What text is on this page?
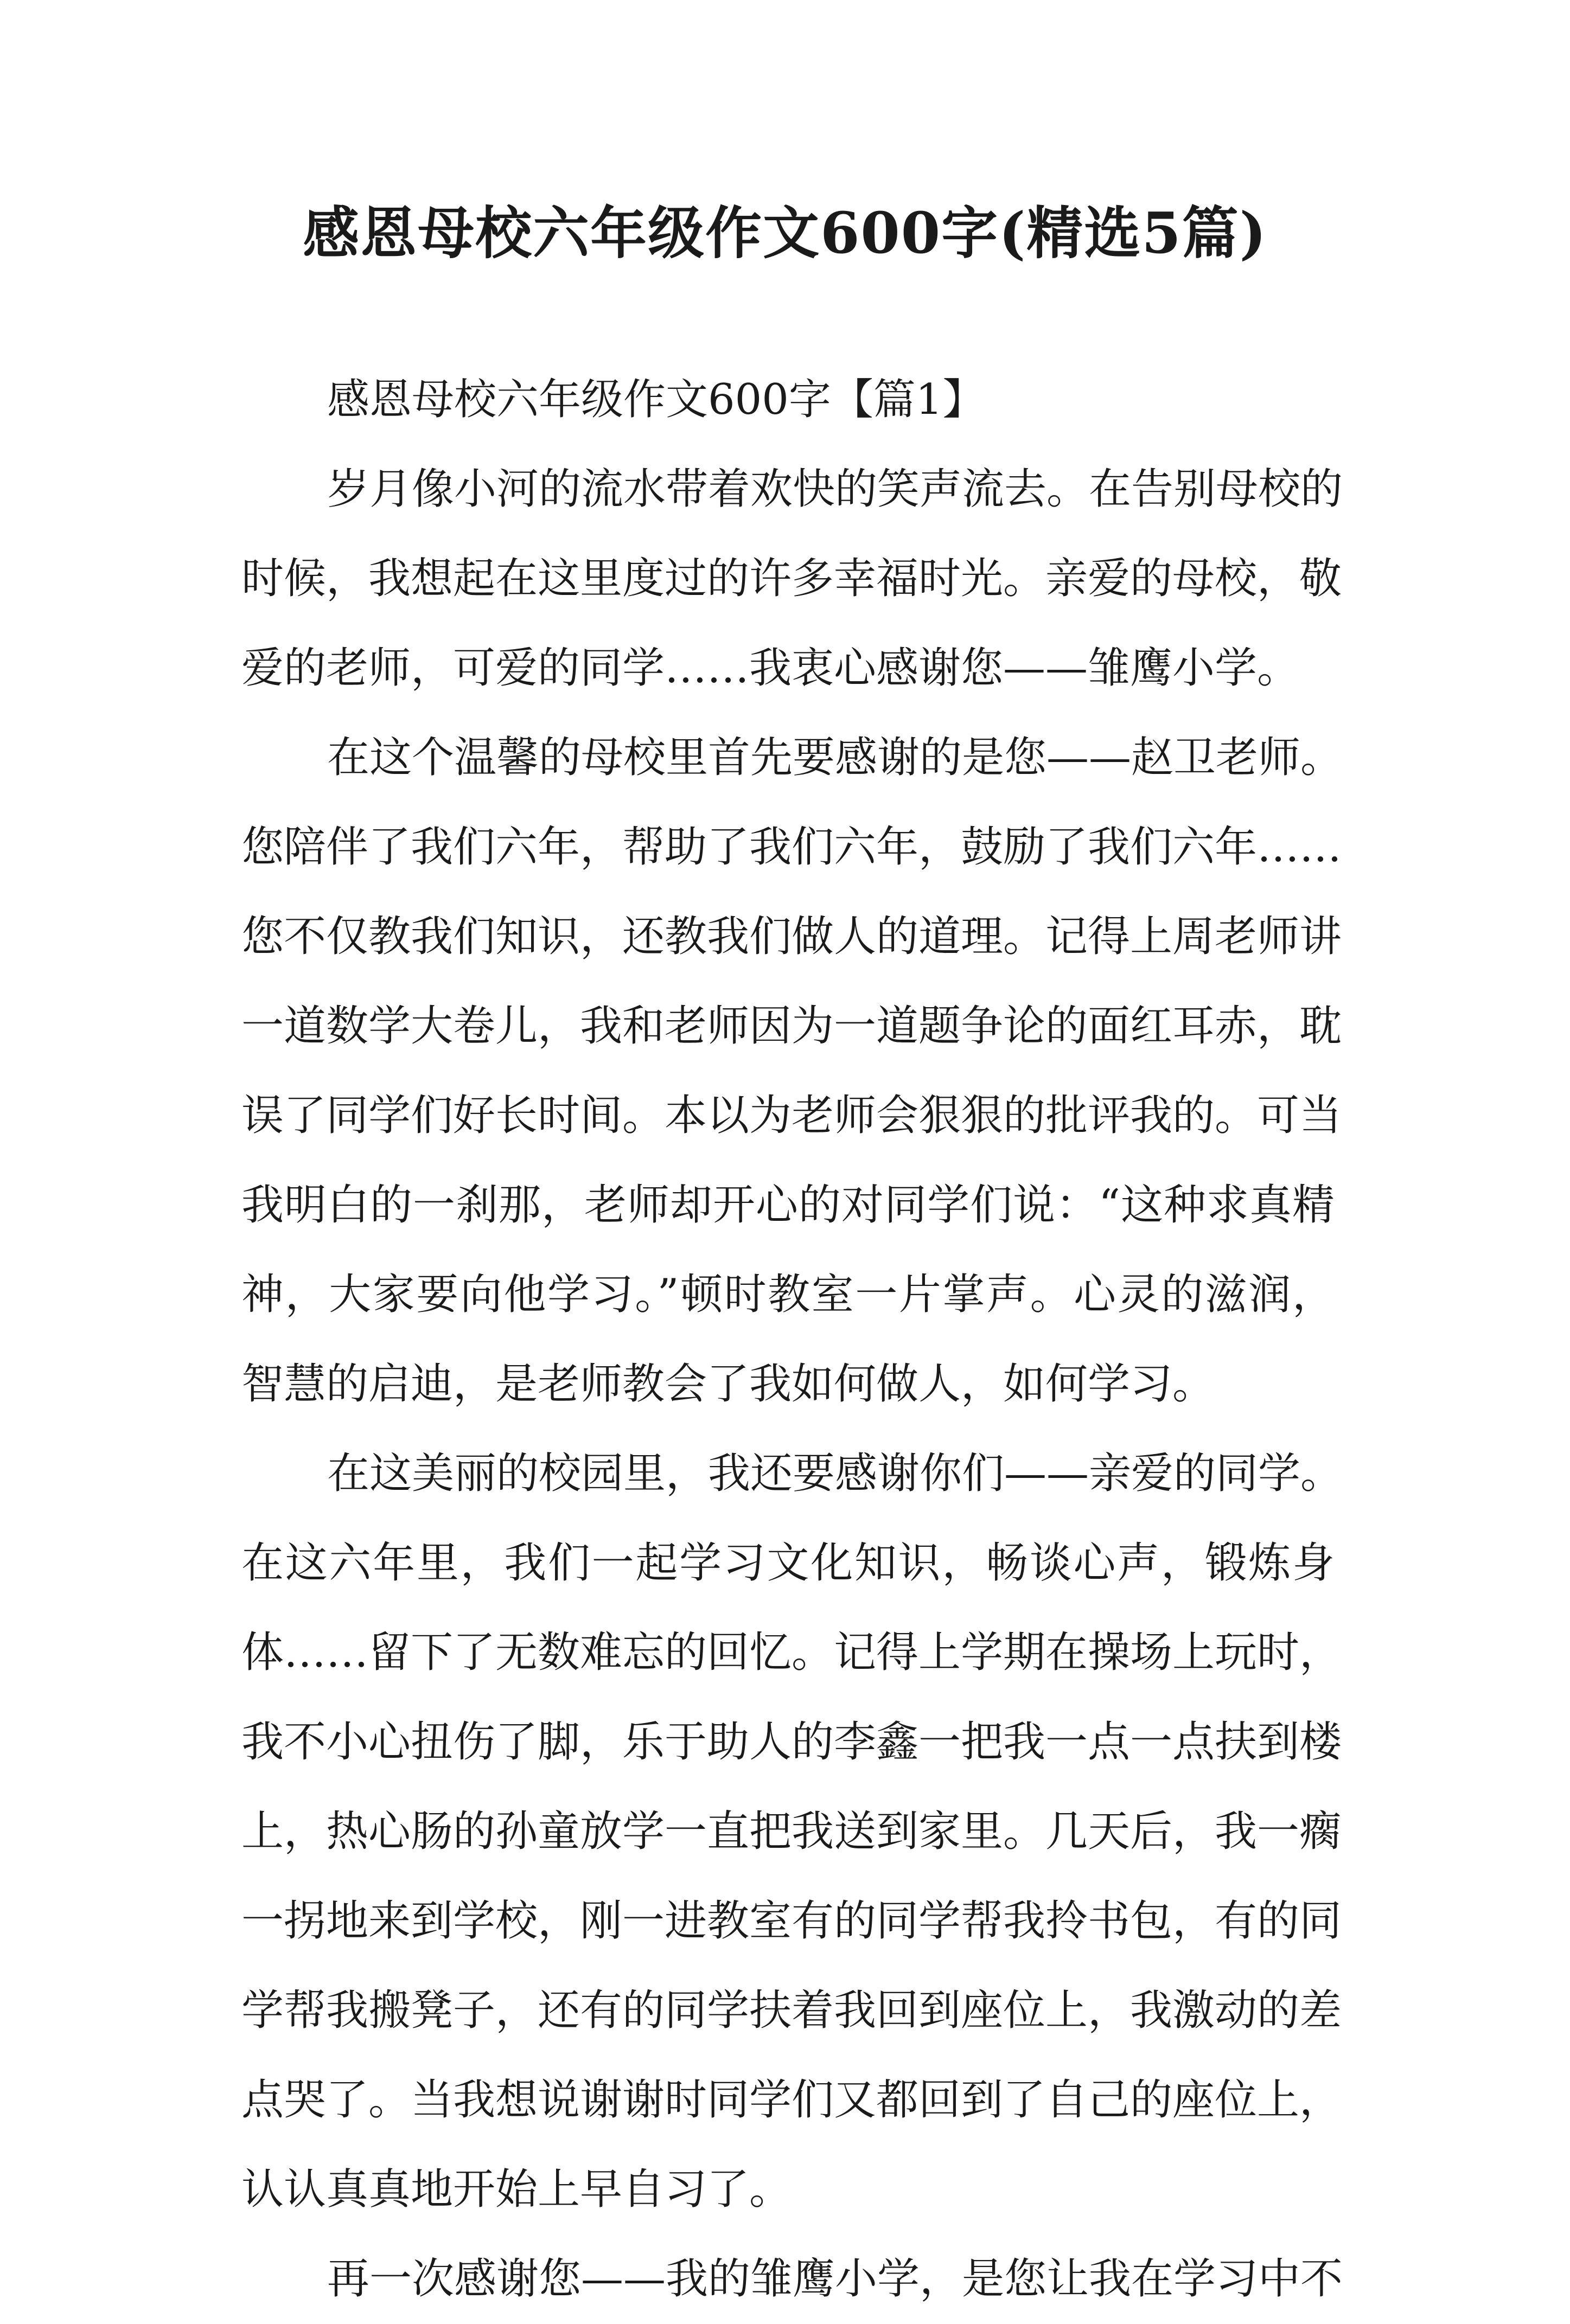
感恩母校六年级作文600字(精选5篇)
感恩母校六年级作文600字【篇1】
岁月像小河的流水带着欢快的笑声流去。在告别母校的
时候，我想起在这里度过的许多幸福时光。亲爱的母校，敬
爱的老师，可爱的同学……我衷心感谢您——雏鹰小学。
在这个温馨的母校里首先要感谢的是您——赵卫老师。
您陪伴了我们六年，帮助了我们六年，鼓励了我们六年……
您不仅教我们知识，还教我们做人的道理。记得上周老师讲
一道数学大卷儿，我和老师因为一道题争论的面红耳赤，耽
误了同学们好长时间。本以为老师会狠狠的批评我的。可当
我明白的一刹那，老师却开心的对同学们说：“这种求真精
神，大家要向他学习。”顿时教室一片掌声。心灵的滋润，
智慧的启迪，是老师教会了我如何做人，如何学习。
在这美丽的校园里，我还要感谢你们——亲爱的同学。
在这六年里，我们一起学习文化知识，畅谈心声，锻炼身
体……留下了无数难忘的回忆。记得上学期在操场上玩时，
我不小心扭伤了脚，乐于助人的李鑫一把我一点一点扶到楼
上，热心肠的孙童放学一直把我送到家里。几天后，我一瘸
一拐地来到学校，刚一进教室有的同学帮我拎书包，有的同
学帮我搬凳子，还有的同学扶着我回到座位上，我激动的差
点哭了。当我想说谢谢时同学们又都回到了自己的座位上，
认认真真地开始上早自习了。
再一次感谢您——我的雏鹰小学，是您让我在学习中不
